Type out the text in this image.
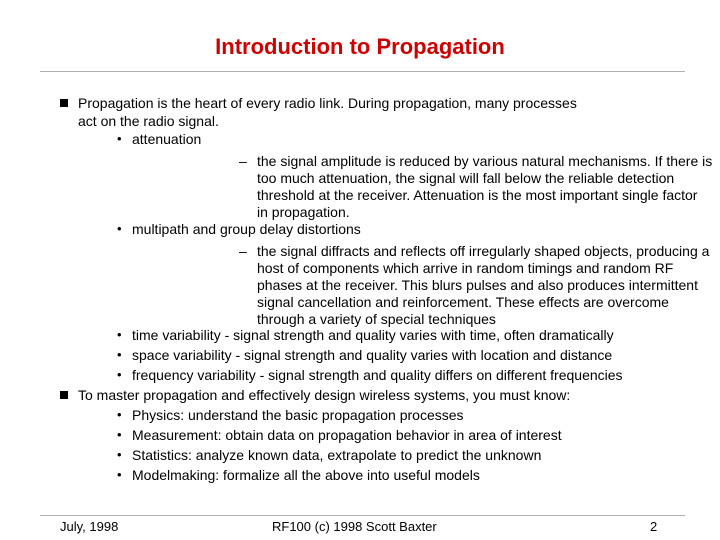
Introduction to Propagation
Propagation is the heart of every radio link. During propagation, many processes
act on the radio signal.
• attenuation
– the signal amplitude is reduced by various natural mechanisms. If there is
too much attenuation, the signal will fall below the reliable detection
threshold at the receiver. Attenuation is the most important single factor
in propagation.
• multipath and group delay distortions
– the signal diffracts and reflects off irregularly shaped objects, producing a
host of components which arrive in random timings and random RF
phases at the receiver. This blurs pulses and also produces intermittent
signal cancellation and reinforcement. These effects are overcome
through a variety of special techniques
• time variability - signal strength and quality varies with time, often dramatically
• space variability - signal strength and quality varies with location and distance
• frequency variability - signal strength and quality differs on different frequencies
To master propagation and effectively design wireless systems, you must know:
• Physics: understand the basic propagation processes
• Measurement: obtain data on propagation behavior in area of interest
• Statistics: analyze known data, extrapolate to predict the unknown
• Modelmaking: formalize all the above into useful models
July, 1998	RF100 (c) 1998 Scott Baxter	2
